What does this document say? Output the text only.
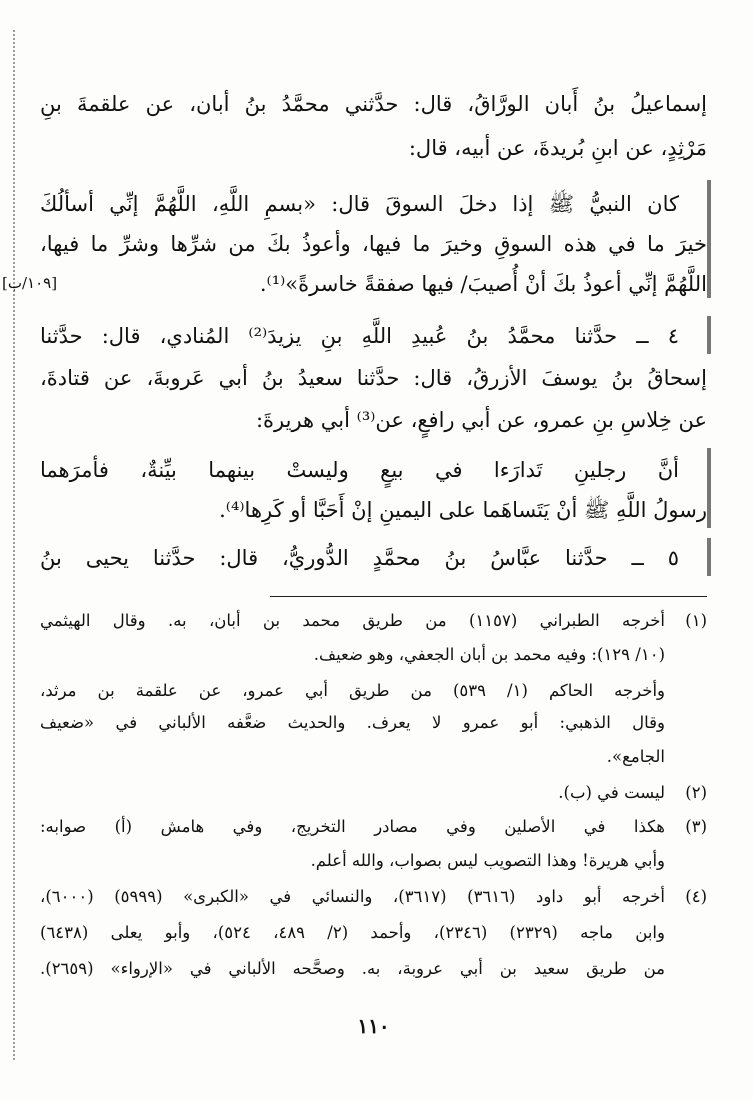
إسماعيلُ بنُ أَبان الورَّاقُ، قال: حدَّثني محمَّدُ بنُ أبان، عن علقمةَ بنِ
مَرْثِدٍ، عن ابنِ بُريدةَ، عن أبيه، قال:
كان النبيُّ ﷺ إذا دخلَ السوقَ قال: «بسمِ اللَّهِ، اللَّهُمَّ إنِّي أسألُكَ
خيرَ ما في هذه السوقِ وخيرَ ما فيها، وأعوذُ بكَ من شرِّها وشرِّ ما فيها،
اللَّهُمَّ إنِّي أعوذُ بكَ أنْ أُصيبَ/ فيها صفقةً خاسرةً»⁽¹⁾.
[١٠٩/ب]
٤ ــ حدَّثنا محمَّدُ بنُ عُبيدِ اللَّهِ بنِ يزيدَ⁽²⁾ المُنادي، قال: حدَّثنا
إسحاقُ بنُ يوسفَ الأزرقُ، قال: حدَّثنا سعيدُ بنُ أبي عَروبةَ، عن قتادةَ،
عن خِلاسِ بنِ عمرو، عن أبي رافعٍ، عن⁽³⁾ أبي هريرةَ:
أنَّ رجلينِ تَدارَءا في بيعٍ وليستْ بينهما بيِّنةٌ، فأمرَهما
رسولُ اللَّهِ ﷺ أنْ يَتَساهَما على اليمينِ إنْ أَحَبَّا أو كَرِها⁽⁴⁾.
٥ ــ حدَّثنا عبَّاسُ بنُ محمَّدٍ الدُّوريُّ، قال: حدَّثنا يحيى بنُ
(١)
أخرجه الطبراني (١١٥٧) من طريق محمد بن أبان، به. وقال الهيثمي
(١٠/ ١٢٩): وفيه محمد بن أبان الجعفي، وهو ضعيف.
وأخرجه الحاكم (١/ ٥٣٩) من طريق أبي عمرو، عن علقمة بن مرثد،
وقال الذهبي: أبو عمرو لا يعرف. والحديث ضعَّفه الألباني في «ضعيف
الجامع».
(٢)
ليست في (ب).
(٣)
هكذا في الأصلين وفي مصادر التخريج، وفي هامش (أ) صوابه:
وأبي هريرة! وهذا التصويب ليس بصواب، والله أعلم.
(٤)
أخرجه أبو داود (٣٦١٦) (٣٦١٧)، والنسائي في «الكبرى» (٥٩٩٩) (٦٠٠٠)،
وابن ماجه (٢٣٢٩) (٢٣٤٦)، وأحمد (٢/ ٤٨٩، ٥٢٤)، وأبو يعلى (٦٤٣٨)
من طريق سعيد بن أبي عروبة، به. وصحَّحه الألباني في «الإرواء» (٢٦٥٩).
١١٠
